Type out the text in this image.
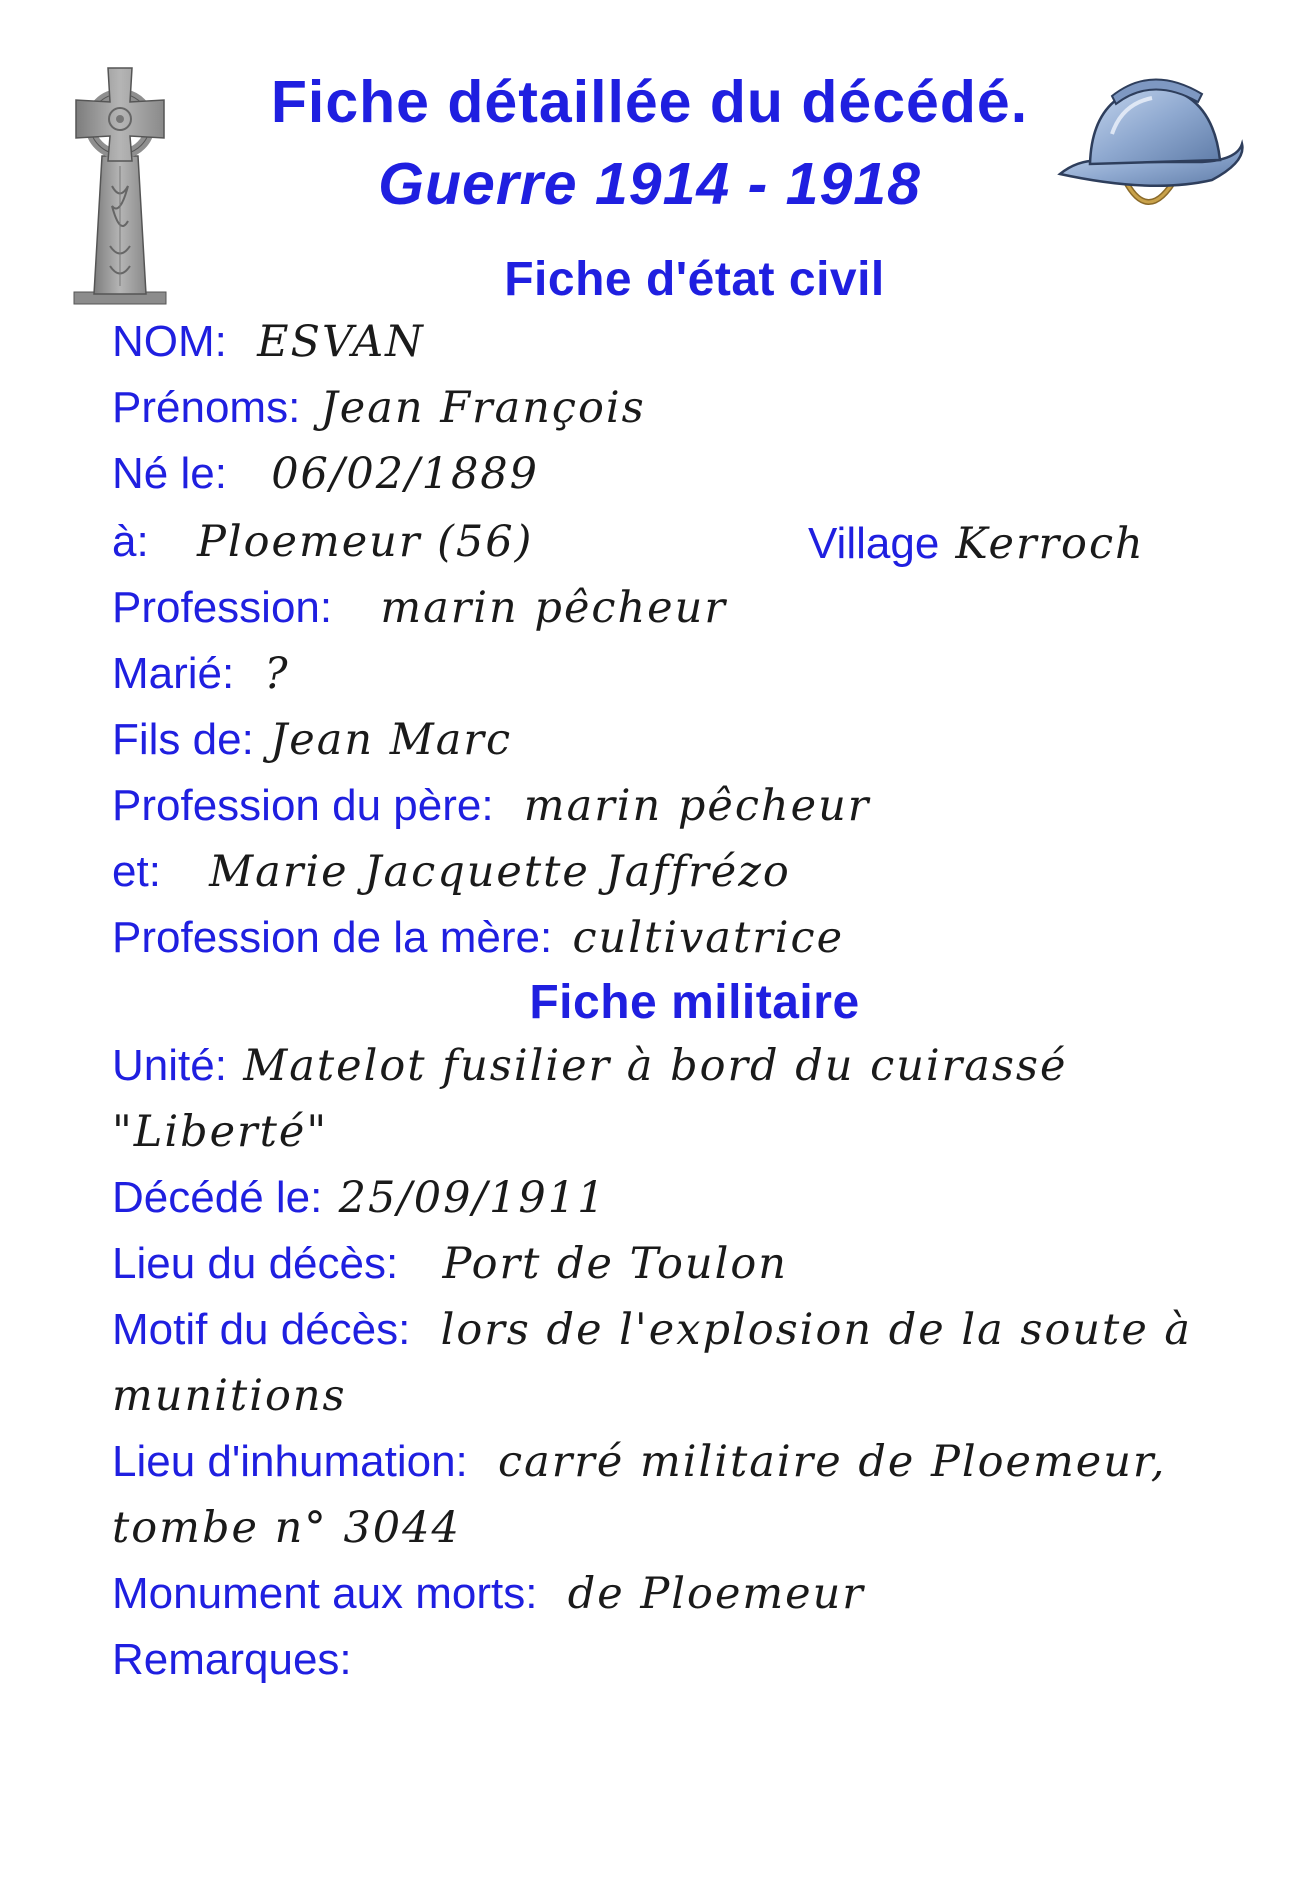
Fiche détaillée du décédé.
Guerre 1914 - 1918
Fiche d'état civil
NOM: ESVAN
Prénoms: Jean François
Né le: 06/02/1889
à: Ploemeur (56)	Village Kerroch
Profession: marin pêcheur
Marié: ?
Fils de: Jean Marc
Profession du père: marin pêcheur
et: Marie Jacquette Jaffrézo
Profession de la mère: cultivatrice
Fiche militaire
Unité: Matelot fusilier à bord du cuirassé
"Liberté"
Décédé le: 25/09/1911
Lieu du décès: Port de Toulon
Motif du décès: lors de l'explosion de la soute à
munitions
Lieu d'inhumation: carré militaire de Ploemeur,
tombe n° 3044
Monument aux morts: de Ploemeur
Remarques:
